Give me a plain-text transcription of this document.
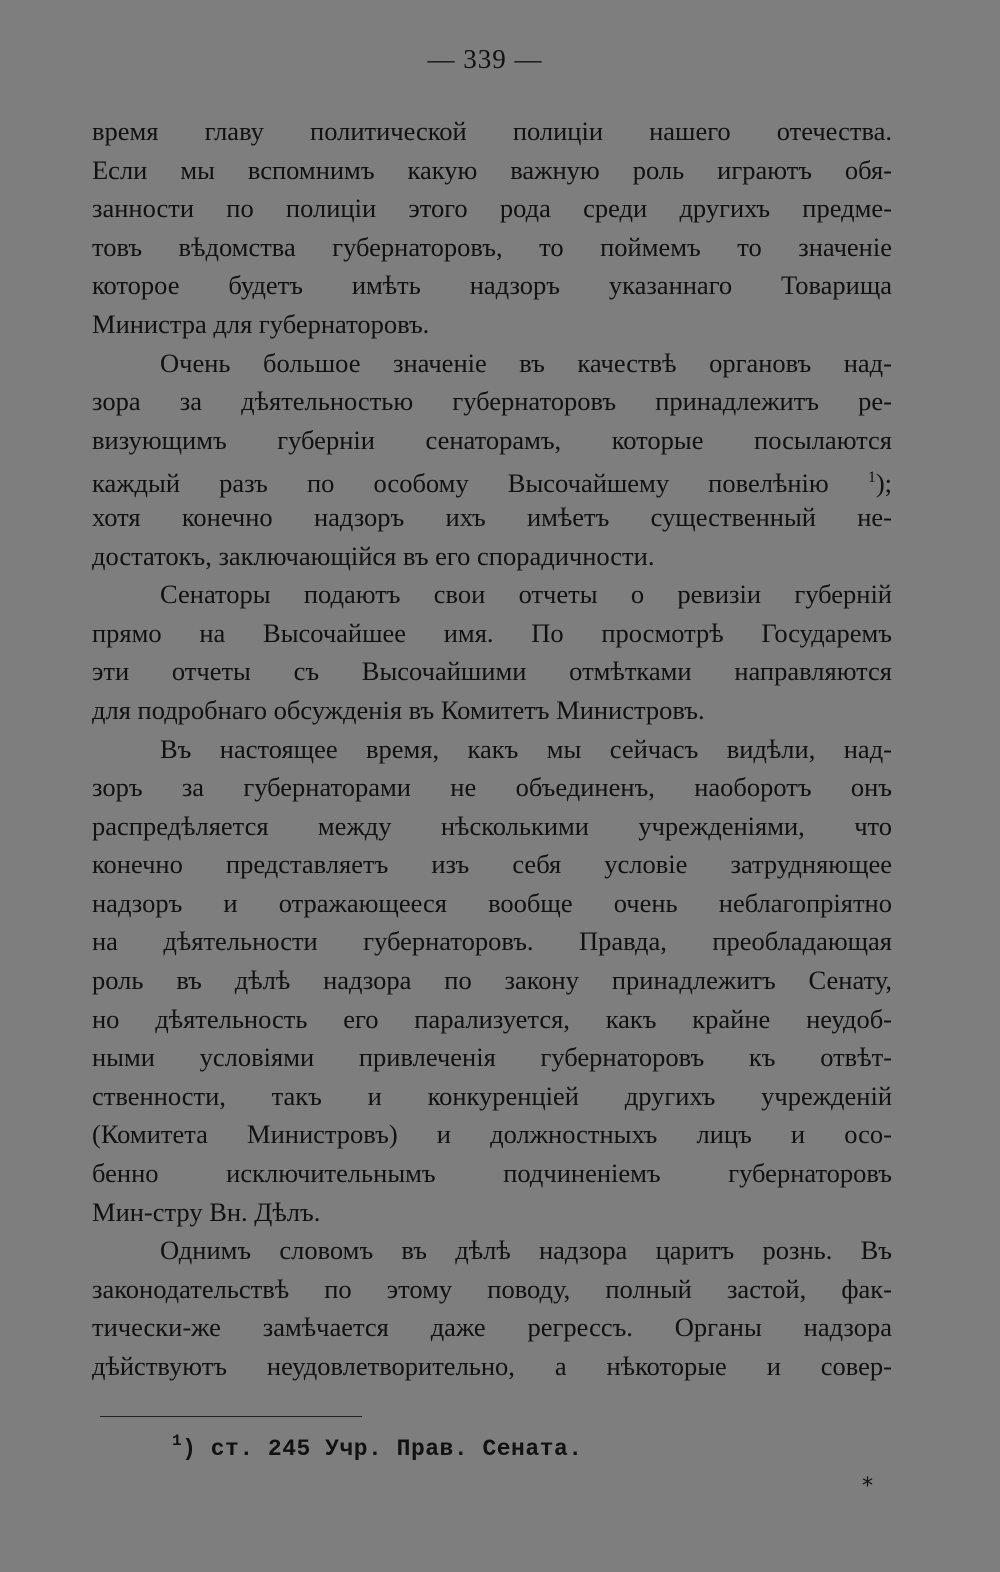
— 339 —
время главу политической полицiи нашего отечества.
Если мы вспомнимъ какую важную роль играютъ обя-
занности по полицiи этого рода среди другихъ предме-
товъ вѣдомства губернаторовъ, то поймемъ то значенiе
которое будетъ имѣть надзоръ указаннаго Товарища
Министра для губернаторовъ.
Очень большое значенiе въ качествѣ органовъ над-
зора за дѣятельностью губернаторовъ принадлежитъ ре-
визующимъ губернiи сенаторамъ, которые посылаются
каждый разъ по особому Высочайшему повелѣнiю $^1$);
хотя конечно надзоръ ихъ имѣетъ существенный не-
достатокъ, заключающiйся въ его спорадичности.
Сенаторы подаютъ свои отчеты о ревизiи губернiй
прямо на Высочайшее имя. По просмотрѣ Государемъ
эти отчеты съ Высочайшими отмѣтками направляются
для подробнаго обсужденiя въ Комитетъ Министровъ.
Въ настоящее время, какъ мы сейчасъ видѣли, над-
зоръ за губернаторами не объединенъ, наоборотъ онъ
распредѣляется между нѣсколькими учрежденiями, что
конечно представляетъ изъ себя условiе затрудняющее
надзоръ и отражающееся вообще очень неблагопрiятно
на дѣятельности губернаторовъ. Правда, преобладающая
роль въ дѣлѣ надзора по закону принадлежитъ Сенату,
но дѣятельность его парализуется, какъ крайне неудоб-
ными условiями привлеченiя губернаторовъ къ отвѣт-
ственности, такъ и конкуренцiей другихъ учрежденiй
(Комитета Министровъ) и должностныхъ лицъ и осо-
бенно исключительнымъ подчиненiемъ губернаторовъ
Мин-стру Вн. Дѣлъ.
Однимъ словомъ въ дѣлѣ надзора царитъ рознь. Въ
законодательствѣ по этому поводу, полный застой, фак-
тически-же замѣчается даже регрессъ. Органы надзора
дѣйствуютъ неудовлетворительно, а нѣкоторые и совер-
$^1$) ст. 245 Учр. Прав. Сената.
*
